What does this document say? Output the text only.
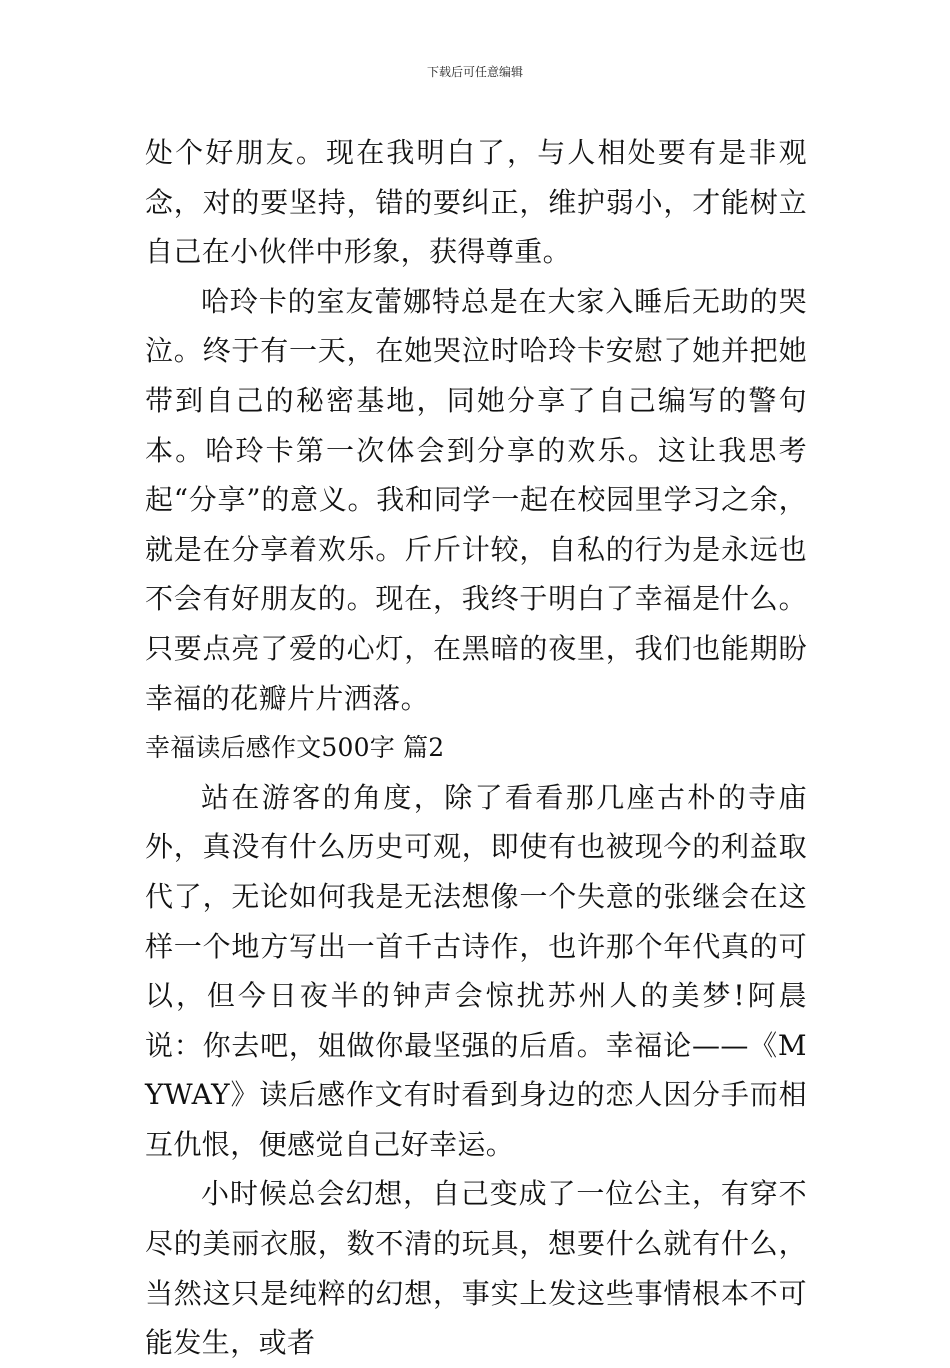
下载后可任意编辑

处个好朋友。现在我明白了，与人相处要有是非观念，对的要坚持，错的要纠正，维护弱小，才能树立自己在小伙伴中形象，获得尊重。

哈玲卡的室友蕾娜特总是在大家入睡后无助的哭泣。终于有一天，在她哭泣时哈玲卡安慰了她并把她带到自己的秘密基地，同她分享了自己编写的警句本。哈玲卡第一次体会到分享的欢乐。这让我思考起“分享”的意义。我和同学一起在校园里学习之余，就是在分享着欢乐。斤斤计较，自私的行为是永远也不会有好朋友的。现在，我终于明白了幸福是什么。只要点亮了爱的心灯，在黑暗的夜里，我们也能期盼幸福的花瓣片片洒落。

幸福读后感作文500字 篇2

站在游客的角度，除了看看那几座古朴的寺庙外，真没有什么历史可观，即使有也被现今的利益取代了，无论如何我是无法想像一个失意的张继会在这样一个地方写出一首千古诗作，也许那个年代真的可以，但今日夜半的钟声会惊扰苏州人的美梦!阿晨说：你去吧，姐做你最坚强的后盾。幸福论——《MYWAY》读后感作文有时看到身边的恋人因分手而相互仇恨，便感觉自己好幸运。

小时候总会幻想，自己变成了一位公主，有穿不尽的美丽衣服，数不清的玩具，想要什么就有什么，当然这只是纯粹的幻想，事实上发这些事情根本不可能发生，或者
